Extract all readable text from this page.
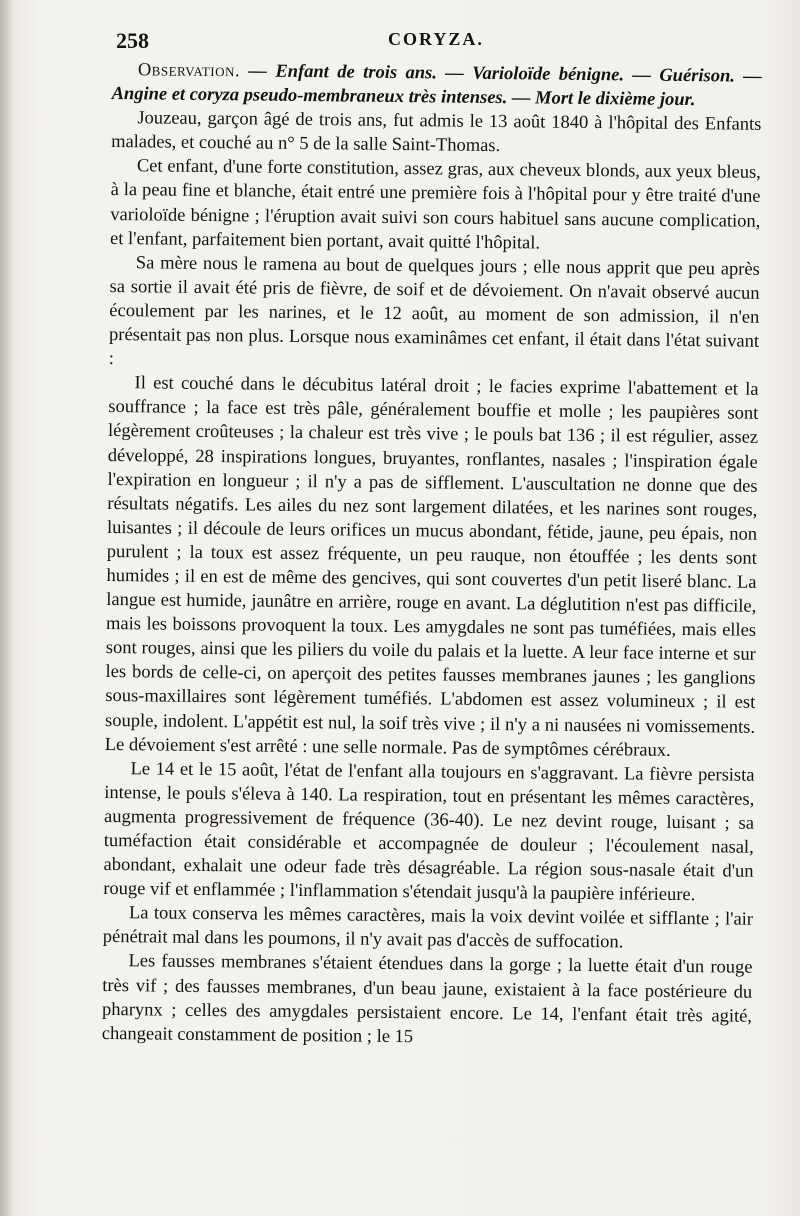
258	CORYZA.

Observation. — Enfant de trois ans. — Varioloïde bénigne. — Guérison. — Angine et coryza pseudo-membraneux très intenses. — Mort le dixième jour.

Jouzeau, garçon âgé de trois ans, fut admis le 13 août 1840 à l'hôpital des Enfants malades, et couché au n° 5 de la salle Saint-Thomas.

Cet enfant, d'une forte constitution, assez gras, aux cheveux blonds, aux yeux bleus, à la peau fine et blanche, était entré une première fois à l'hôpital pour y être traité d'une varioloïde bénigne ; l'éruption avait suivi son cours habituel sans aucune complication, et l'enfant, parfaitement bien portant, avait quitté l'hôpital.

Sa mère nous le ramena au bout de quelques jours ; elle nous apprit que peu après sa sortie il avait été pris de fièvre, de soif et de dévoiement. On n'avait observé aucun écoulement par les narines, et le 12 août, au moment de son admission, il n'en présentait pas non plus. Lorsque nous examinâmes cet enfant, il était dans l'état suivant :

Il est couché dans le décubitus latéral droit ; le facies exprime l'abattement et la souffrance ; la face est très pâle, généralement bouffie et molle ; les paupières sont légèrement croûteuses ; la chaleur est très vive ; le pouls bat 136 ; il est régulier, assez développé, 28 inspirations longues, bruyantes, ronflantes, nasales ; l'inspiration égale l'expiration en longueur ; il n'y a pas de sifflement. L'auscultation ne donne que des résultats négatifs. Les ailes du nez sont largement dilatées, et les narines sont rouges, luisantes ; il découle de leurs orifices un mucus abondant, fétide, jaune, peu épais, non purulent ; la toux est assez fréquente, un peu rauque, non étouffée ; les dents sont humides ; il en est de même des gencives, qui sont couvertes d'un petit liseré blanc. La langue est humide, jaunâtre en arrière, rouge en avant. La déglutition n'est pas difficile, mais les boissons provoquent la toux. Les amygdales ne sont pas tuméfiées, mais elles sont rouges, ainsi que les piliers du voile du palais et la luette. A leur face interne et sur les bords de celle-ci, on aperçoit des petites fausses membranes jaunes ; les ganglions sous-maxillaires sont légèrement tuméfiés. L'abdomen est assez volumineux ; il est souple, indolent. L'appétit est nul, la soif très vive ; il n'y a ni nausées ni vomissements. Le dévoiement s'est arrêté : une selle normale. Pas de symptômes cérébraux.

Le 14 et le 15 août, l'état de l'enfant alla toujours en s'aggravant. La fièvre persista intense, le pouls s'éleva à 140. La respiration, tout en présentant les mêmes caractères, augmenta progressivement de fréquence (36-40). Le nez devint rouge, luisant ; sa tuméfaction était considérable et accompagnée de douleur ; l'écoulement nasal, abondant, exhalait une odeur fade très désagréable. La région sous-nasale était d'un rouge vif et enflammée ; l'inflammation s'étendait jusqu'à la paupière inférieure.

La toux conserva les mêmes caractères, mais la voix devint voilée et sifflante ; l'air pénétrait mal dans les poumons, il n'y avait pas d'accès de suffocation.

Les fausses membranes s'étaient étendues dans la gorge ; la luette était d'un rouge très vif ; des fausses membranes, d'un beau jaune, existaient à la face postérieure du pharynx ; celles des amygdales persistaient encore. Le 14, l'enfant était très agité, changeait constamment de position ; le 15
